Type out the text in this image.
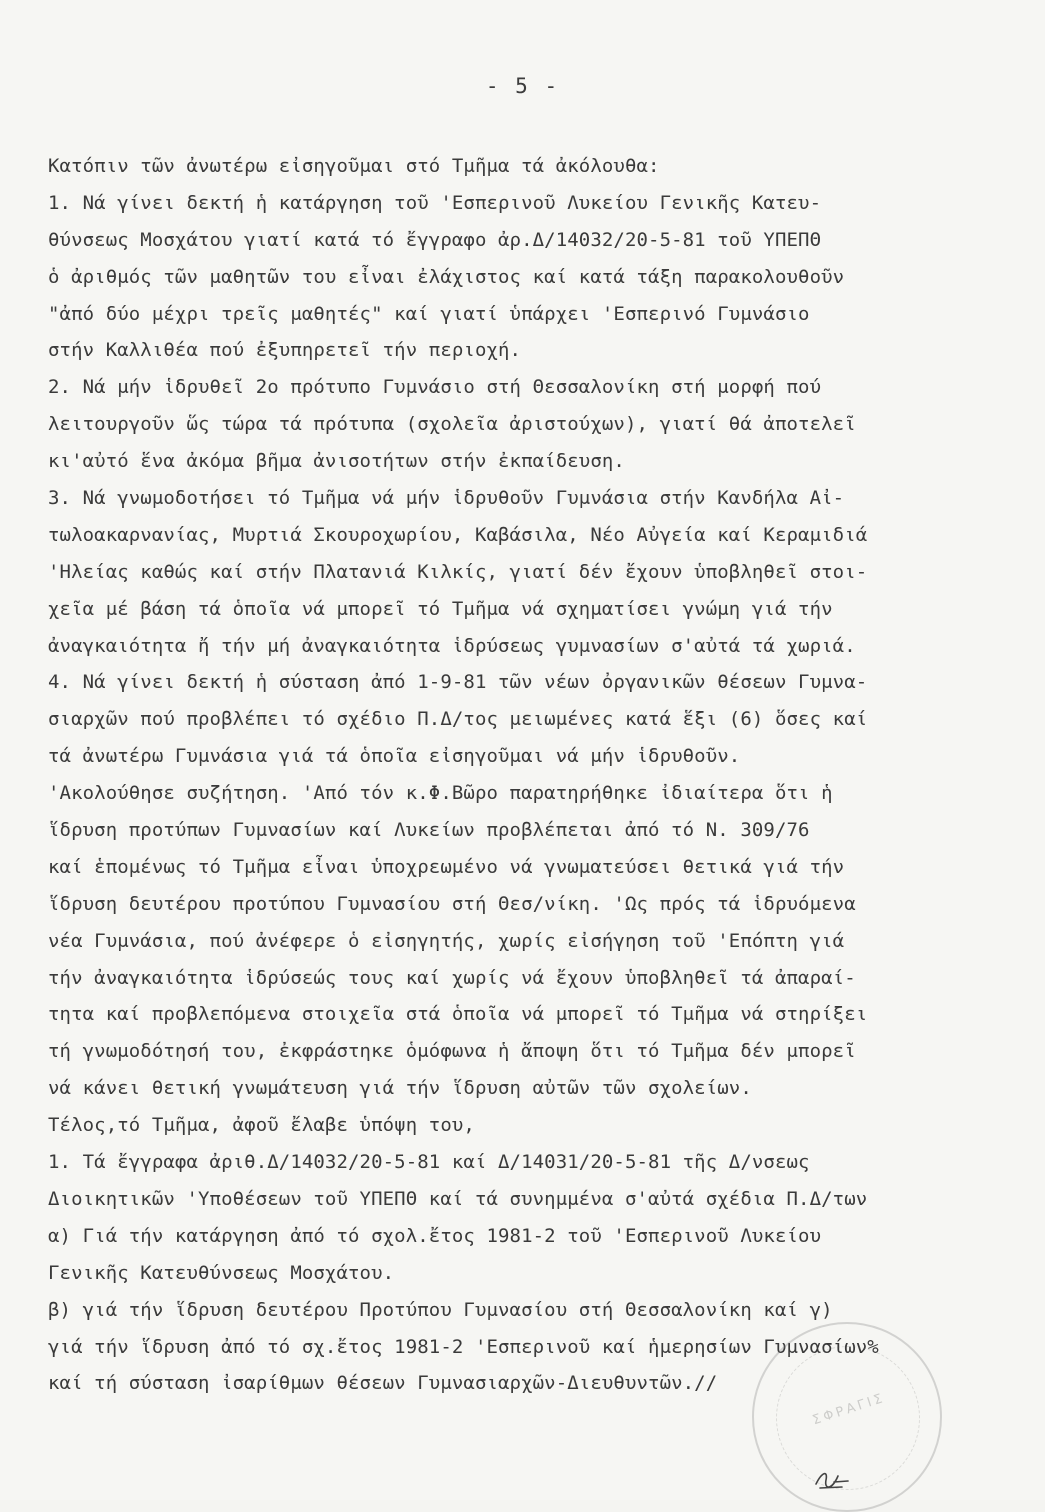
- 5 -
Κατόπιν τῶν ἀνωτέρω εἰσηγοῦμαι στό Τμῆμα τά ἀκόλουθα:
1. Νά γίνει δεκτή ἡ κατάργηση τοῦ 'Εσπερινοῦ Λυκείου Γενικῆς Κατευ-
θύνσεως Μοσχάτου γιατί κατά τό ἔγγραφο ἀρ.Δ/14032/20-5-81 τοῦ ΥΠΕΠΘ
ὁ ἀριθμός τῶν μαθητῶν του εἶναι ἐλάχιστος καί κατά τάξη παρακολουθοῦν
"ἀπό δύο μέχρι τρεῖς μαθητές" καί γιατί ὑπάρχει 'Εσπερινό Γυμνάσιο
στήν Καλλιθέα πού ἐξυπηρετεῖ τήν περιοχή.
2. Νά μήν ἱδρυθεῖ 2ο πρότυπο Γυμνάσιο στή Θεσσαλονίκη στή μορφή πού
λειτουργοῦν ὥς τώρα τά πρότυπα (σχολεῖα ἀριστούχων), γιατί θά ἀποτελεῖ
κι'αὐτό ἕνα ἀκόμα βῆμα ἀνισοτήτων στήν ἐκπαίδευση.
3. Νά γνωμοδοτήσει τό Τμῆμα νά μήν ἱδρυθοῦν Γυμνάσια στήν Κανδήλα Αἰ-
τωλοακαρνανίας, Μυρτιά Σκουροχωρίου, Καβάσιλα, Νέο Αὐγεία καί Κεραμιδιά
'Ηλείας καθώς καί στήν Πλατανιά Κιλκίς, γιατί δέν ἔχουν ὑποβληθεῖ στοι-
χεῖα μέ βάση τά ὁποῖα νά μπορεῖ τό Τμῆμα νά σχηματίσει γνώμη γιά τήν
ἀναγκαιότητα ἤ τήν μή ἀναγκαιότητα ἱδρύσεως γυμνασίων σ'αὐτά τά χωριά.
4. Νά γίνει δεκτή ἡ σύσταση ἀπό 1-9-81 τῶν νέων ὀργανικῶν θέσεων Γυμνα-
σιαρχῶν πού προβλέπει τό σχέδιο Π.Δ/τος μειωμένες κατά ἕξι (6) ὅσες καί
τά ἀνωτέρω Γυμνάσια γιά τά ὁποῖα εἰσηγοῦμαι νά μήν ἱδρυθοῦν.
'Ακολούθησε συζήτηση. 'Από τόν κ.Φ.Βῶρο παρατηρήθηκε ἰδιαίτερα ὅτι ἡ
ἵδρυση προτύπων Γυμνασίων καί Λυκείων προβλέπεται ἀπό τό Ν. 309/76
καί ἑπομένως τό Τμῆμα εἶναι ὑποχρεωμένο νά γνωματεύσει θετικά γιά τήν
ἵδρυση δευτέρου προτύπου Γυμνασίου στή Θεσ/νίκη. 'Ως πρός τά ἱδρυόμενα
νέα Γυμνάσια, πού ἀνέφερε ὁ εἰσηγητής, χωρίς εἰσήγηση τοῦ 'Επόπτη γιά
τήν ἀναγκαιότητα ἱδρύσεώς τους καί χωρίς νά ἔχουν ὑποβληθεῖ τά ἀπαραί-
τητα καί προβλεπόμενα στοιχεῖα στά ὁποῖα νά μπορεῖ τό Τμῆμα νά στηρίξει
τή γνωμοδότησή του, ἐκφράστηκε ὁμόφωνα ἡ ἄποψη ὅτι τό Τμῆμα δέν μπορεῖ
νά κάνει θετική γνωμάτευση γιά τήν ἵδρυση αὐτῶν τῶν σχολείων.
Τέλος,τό Τμῆμα, ἀφοῦ ἔλαβε ὑπόψη του,
1. Τά ἔγγραφα ἀριθ.Δ/14032/20-5-81 καί Δ/14031/20-5-81 τῆς Δ/νσεως
Διοικητικῶν 'Υποθέσεων τοῦ ΥΠΕΠΘ καί τά συνημμένα σ'αὐτά σχέδια Π.Δ/των
α) Γιά τήν κατάργηση ἀπό τό σχολ.ἔτος 1981-2 τοῦ 'Εσπερινοῦ Λυκείου
Γενικῆς Κατευθύνσεως Μοσχάτου.
β) γιά τήν ἵδρυση δευτέρου Προτύπου Γυμνασίου στή Θεσσαλονίκη καί γ)
γιά τήν ἵδρυση ἀπό τό σχ.ἔτος 1981-2 'Εσπερινοῦ καί ἡμερησίων Γυμνασίων%
καί τή σύσταση ἰσαρίθμων θέσεων Γυμνασιαρχῶν-Διευθυντῶν.//
ΣΦΡΑΓΙΣ
